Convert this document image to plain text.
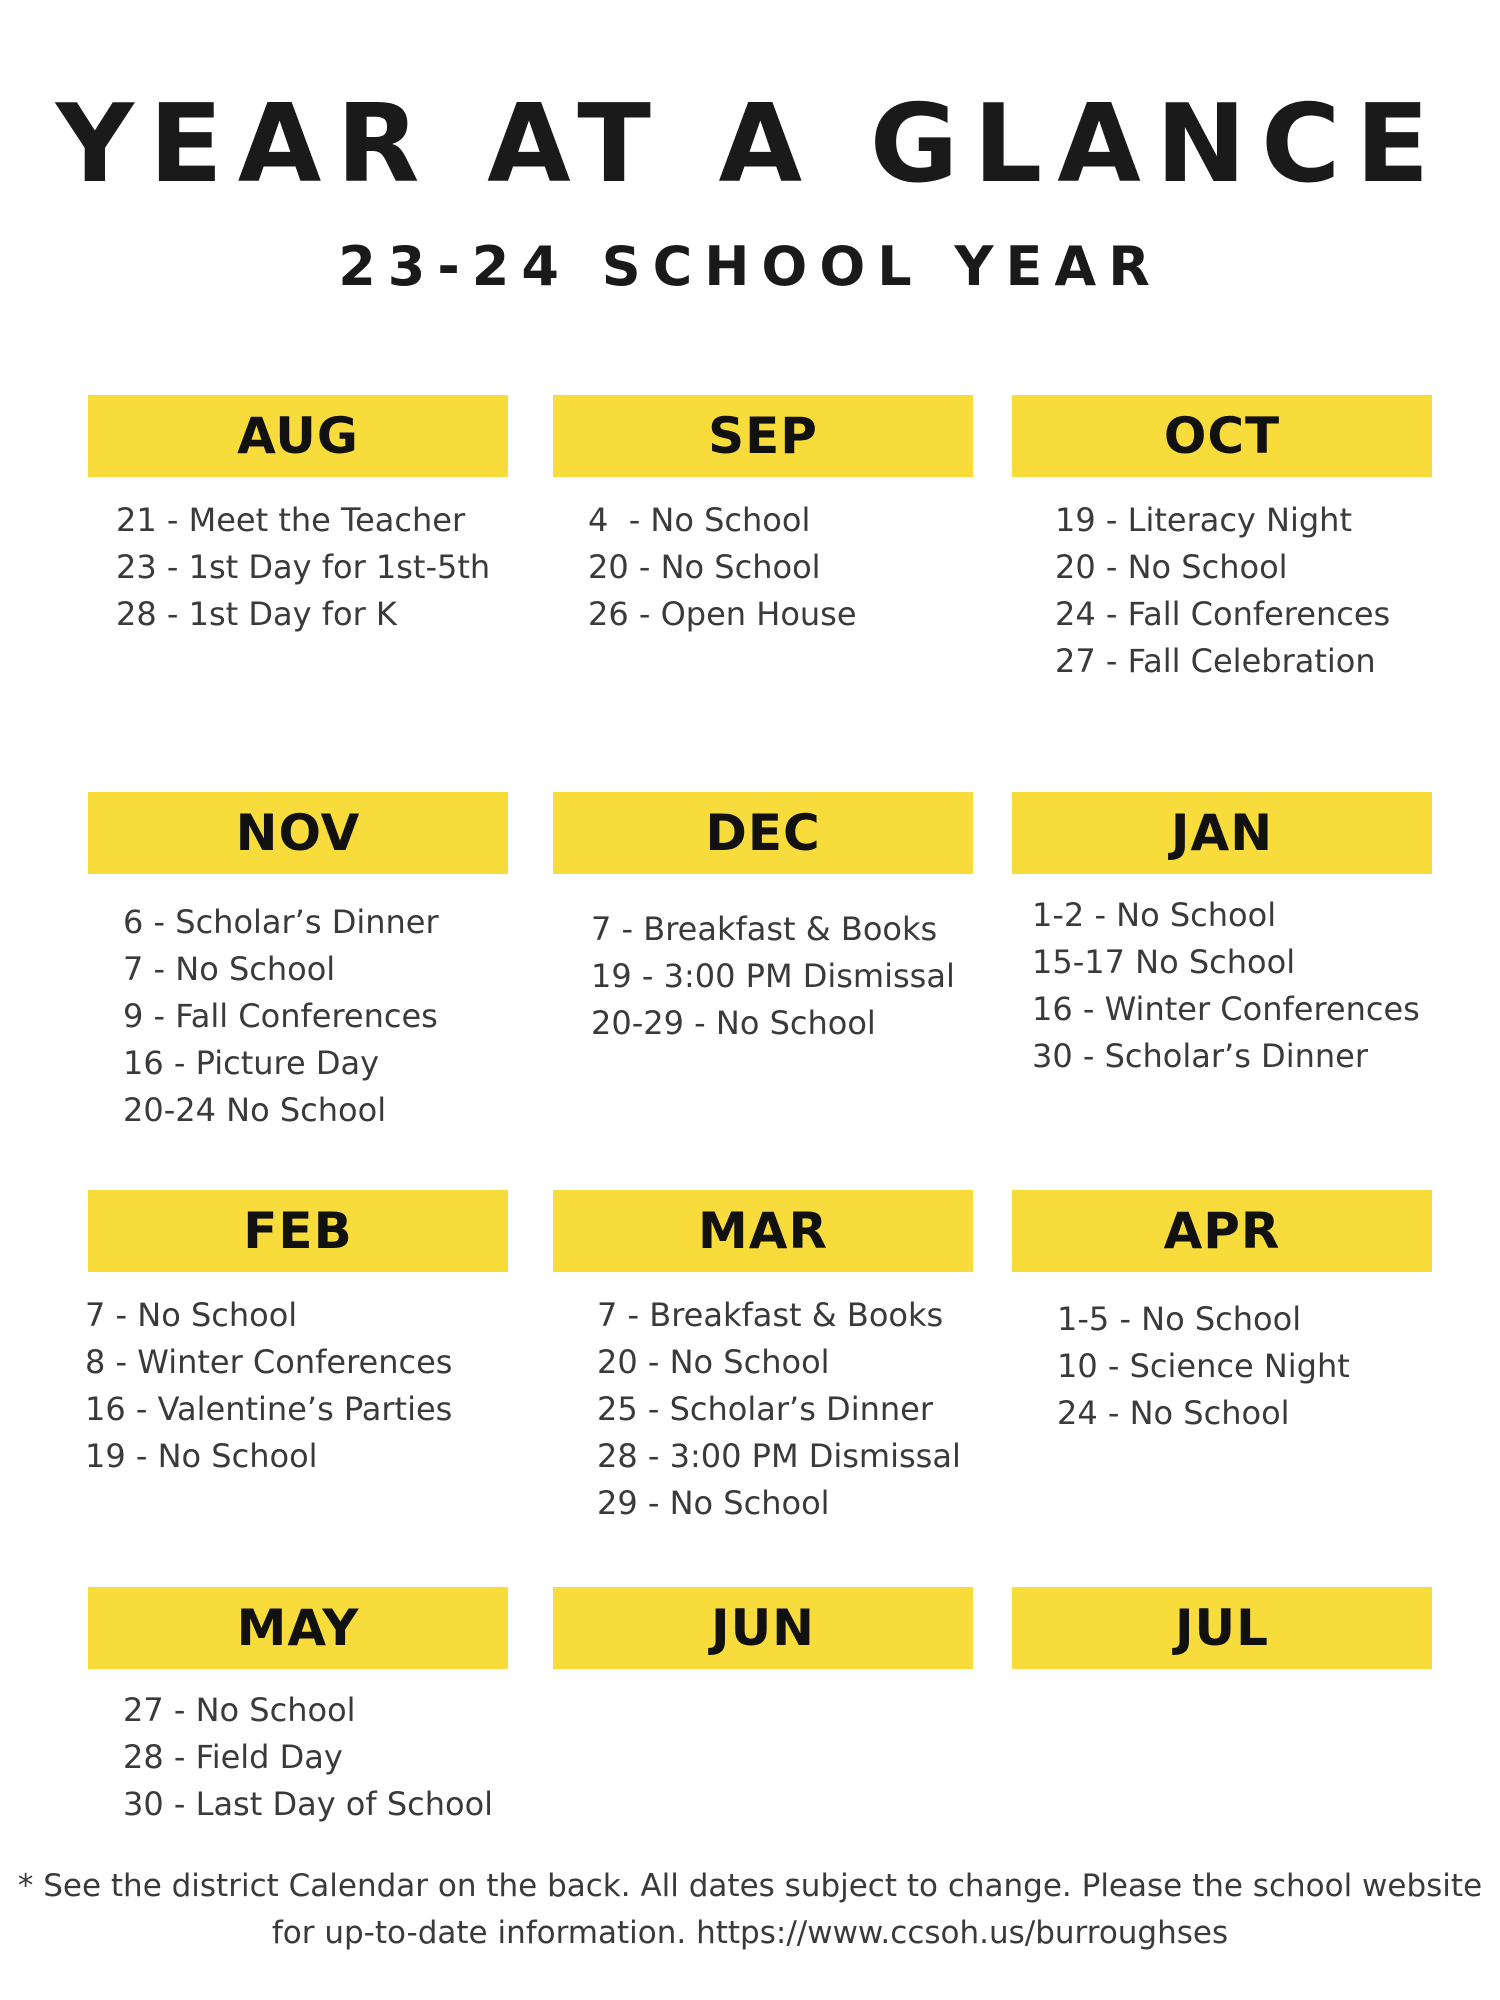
YEAR AT A GLANCE
23-24 SCHOOL YEAR
AUG
21 - Meet the Teacher
23 - 1st Day for 1st-5th
28 - 1st Day for K
SEP
4  - No School
20 - No School
26 - Open House
OCT
19 - Literacy Night
20 - No School
24 - Fall Conferences
27 - Fall Celebration
NOV
6 - Scholar’s Dinner
7 - No School
9 - Fall Conferences
16 - Picture Day
20-24 No School
DEC
7 - Breakfast & Books
19 - 3:00 PM Dismissal
20-29 - No School
JAN
1-2 - No School
15-17 No School
16 - Winter Conferences
30 - Scholar’s Dinner
FEB
7 - No School
8 - Winter Conferences
16 - Valentine’s Parties
19 - No School
MAR
7 - Breakfast & Books
20 - No School
25 - Scholar’s Dinner
28 - 3:00 PM Dismissal
29 - No School
APR
1-5 - No School
10 - Science Night
24 - No School
MAY
27 - No School
28 - Field Day
30 - Last Day of School
JUN	JUL
* See the district Calendar on the back. All dates subject to change. Please the school website
for up-to-date information. https://www.ccsoh.us/burroughses
